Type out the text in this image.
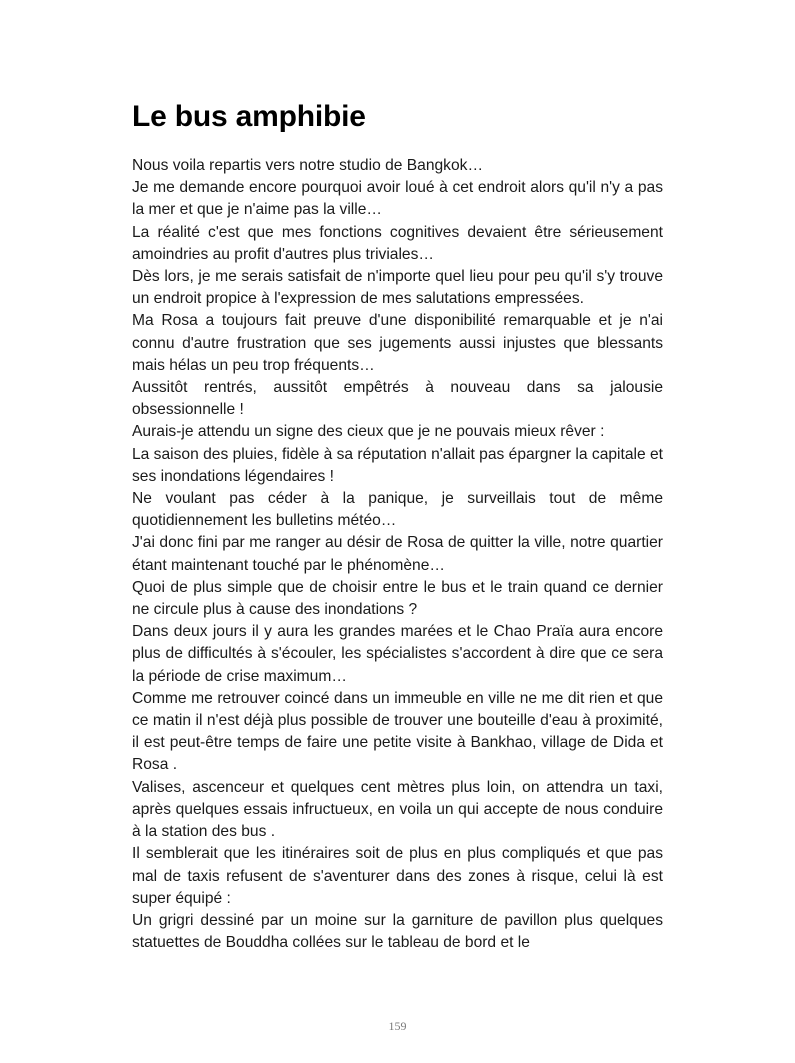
Le bus amphibie

Nous voila repartis vers notre studio de Bangkok…

Je me demande encore pourquoi avoir loué à cet endroit alors qu'il n'y a pas la mer et que je n'aime pas la ville…

La réalité c'est que mes fonctions cognitives devaient être sérieusement amoindries au profit d'autres plus triviales…

Dès lors, je me serais satisfait de n'importe quel lieu pour peu qu'il s'y trouve un endroit propice à l'expression de mes salutations empressées.

Ma Rosa a toujours fait preuve d'une disponibilité remarquable et je n'ai connu d'autre frustration que ses jugements aussi injustes que blessants mais hélas un peu trop fréquents…

Aussitôt rentrés, aussitôt empêtrés à nouveau dans sa jalousie obsessionnelle !

Aurais-je attendu un signe des cieux que je ne pouvais mieux rêver :

La saison des pluies, fidèle à sa réputation n'allait pas épargner la capitale et ses inondations légendaires !

Ne voulant pas céder à la panique, je surveillais tout de même quotidiennement les bulletins météo…

J'ai donc fini par me ranger au désir de Rosa de quitter la ville, notre quartier étant maintenant touché par le phénomène…

Quoi de plus simple que de choisir entre le bus et le train quand ce dernier ne circule plus à cause des inondations ?

Dans deux jours il y aura les grandes marées et le Chao Praïa aura encore plus de difficultés à s'écouler, les spécialistes s'accordent à dire que ce sera la période de crise maximum…

Comme me retrouver coincé dans un immeuble en ville ne me dit rien et que ce matin il n'est déjà plus possible de trouver une bouteille d'eau à proximité, il est peut-être temps de faire une petite visite à Bankhao, village de Dida et Rosa .

Valises, ascenceur et quelques cent mètres plus loin, on attendra un taxi, après quelques essais infructueux, en voila un qui accepte de nous conduire à la station des bus .

Il semblerait que les itinéraires soit de plus en plus compliqués et que pas mal de taxis refusent de s'aventurer dans des zones à risque, celui là est super équipé :

Un grigri dessiné par un moine sur la garniture de pavillon plus quelques statuettes de Bouddha collées sur le tableau de bord et le

159
